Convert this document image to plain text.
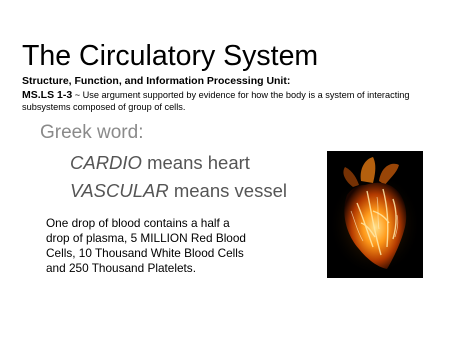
The Circulatory System
Structure, Function, and Information Processing Unit:
MS.LS 1-3 ~ Use argument supported by evidence for how the body is a system of interacting subsystems composed of group of cells.
Greek word:
CARDIO means heart
VASCULAR means vessel
One drop of blood contains a half a drop of plasma, 5 MILLION Red Blood Cells, 10 Thousand White Blood Cells and 250 Thousand Platelets.
